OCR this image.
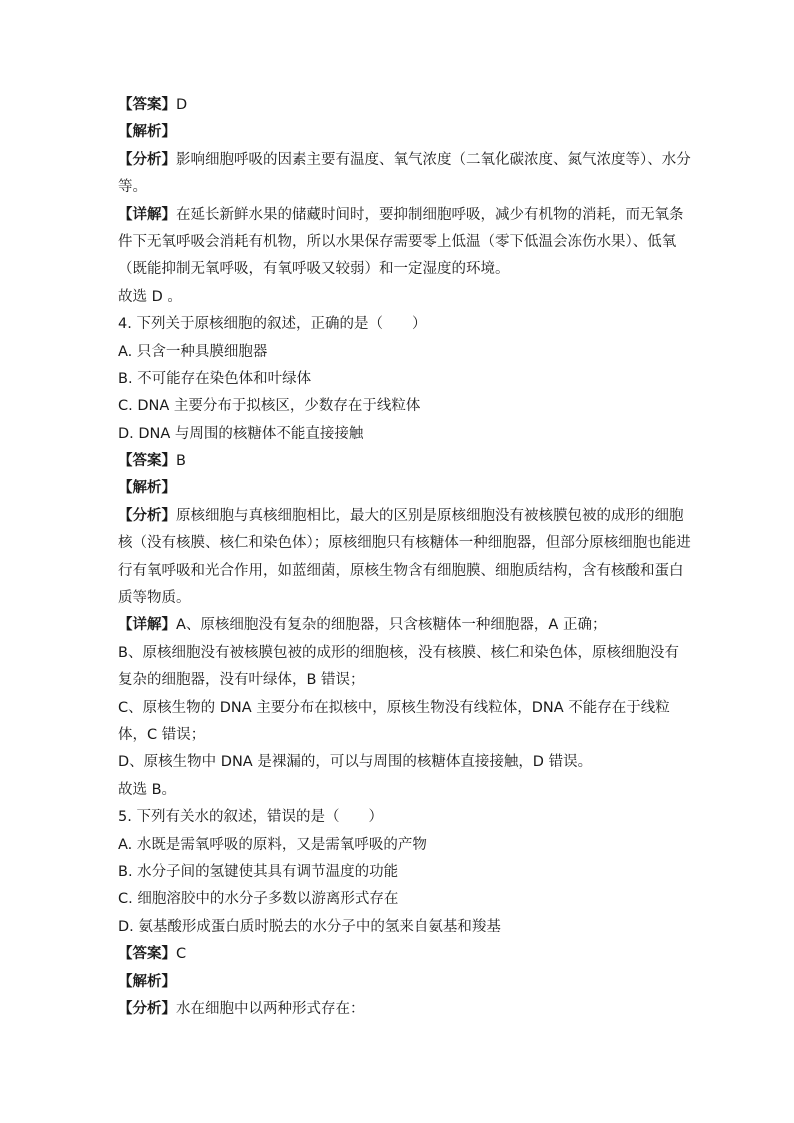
【答案】D
【解析】
【分析】影响细胞呼吸的因素主要有温度、氧气浓度（二氧化碳浓度、氮气浓度等）、水分
等。
【详解】在延长新鲜水果的储藏时间时，要抑制细胞呼吸，减少有机物的消耗，而无氧条
件下无氧呼吸会消耗有机物，所以水果保存需要零上低温（零下低温会冻伤水果）、低氧
（既能抑制无氧呼吸，有氧呼吸又较弱）和一定湿度的环境。
故选 D 。
4. 下列关于原核细胞的叙述，正确的是（　　）
A. 只含一种具膜细胞器
B. 不可能存在染色体和叶绿体
C. DNA 主要分布于拟核区，少数存在于线粒体
D. DNA 与周围的核糖体不能直接接触
【答案】B
【解析】
【分析】原核细胞与真核细胞相比，最大的区别是原核细胞没有被核膜包被的成形的细胞
核（没有核膜、核仁和染色体）；原核细胞只有核糖体一种细胞器，但部分原核细胞也能进
行有氧呼吸和光合作用，如蓝细菌，原核生物含有细胞膜、细胞质结构，含有核酸和蛋白
质等物质。
【详解】A、原核细胞没有复杂的细胞器，只含核糖体一种细胞器，A 正确；
B、原核细胞没有被核膜包被的成形的细胞核，没有核膜、核仁和染色体，原核细胞没有
复杂的细胞器，没有叶绿体，B 错误；
C、原核生物的 DNA 主要分布在拟核中，原核生物没有线粒体，DNA 不能存在于线粒
体，C 错误；
D、原核生物中 DNA 是裸漏的，可以与周围的核糖体直接接触，D 错误。
故选 B。
5. 下列有关水的叙述，错误的是（　　）
A. 水既是需氧呼吸的原料，又是需氧呼吸的产物
B. 水分子间的氢键使其具有调节温度的功能
C. 细胞溶胶中的水分子多数以游离形式存在
D. 氨基酸形成蛋白质时脱去的水分子中的氢来自氨基和羧基
【答案】C
【解析】
【分析】水在细胞中以两种形式存在：
